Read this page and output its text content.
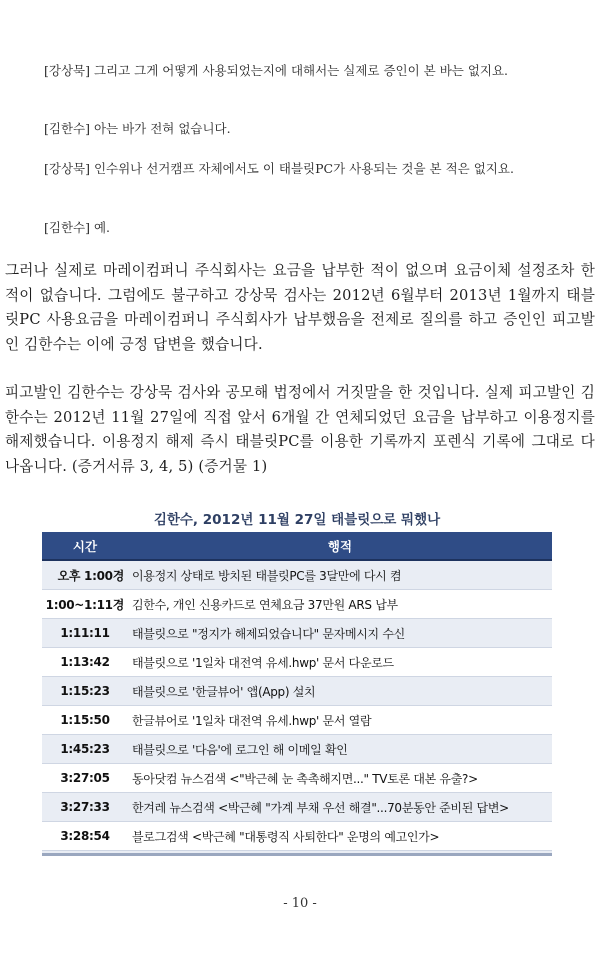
[강상묵] 그리고 그게 어떻게 사용되었는지에 대해서는 실제로 증인이 본 바는 없지요.
[김한수] 아는 바가 전혀 없습니다.
[강상묵] 인수위나 선거캠프 자체에서도 이 태블릿PC가 사용되는 것을 본 적은 없지요.
[김한수] 예.
그러나 실제로 마레이컴퍼니 주식회사는 요금을 납부한 적이 없으며 요금이체 설정조차 한 적이 없습니다. 그럼에도 불구하고 강상묵 검사는 2012년 6월부터 2013년 1월까지 태블릿PC 사용요금을 마레이컴퍼니 주식회사가 납부했음을 전제로 질의를 하고 증인인 피고발인 김한수는 이에 긍정 답변을 했습니다.
피고발인 김한수는 강상묵 검사와 공모해 법정에서 거짓말을 한 것입니다. 실제 피고발인 김한수는 2012년 11월 27일에 직접 앞서 6개월 간 연체되었던 요금을 납부하고 이용정지를 해제했습니다. 이용정지 해제 즉시 태블릿PC를 이용한 기록까지 포렌식 기록에 그대로 다 나옵니다. (증거서류 3, 4, 5) (증거물 1)
김한수, 2012년 11월 27일 태블릿으로 뭐했나
시간	행적
오후 1:00경	이용정지 상태로 방치된 태블릿PC를 3달만에 다시 켬
1:00~1:11경	김한수, 개인 신용카드로 연체요금 37만원 ARS 납부
1:11:11	태블릿으로 "정지가 해제되었습니다" 문자메시지 수신
1:13:42	태블릿으로 '1일차 대전역 유세.hwp' 문서 다운로드
1:15:23	태블릿으로 '한글뷰어' 앱(App) 설치
1:15:50	한글뷰어로 '1일차 대전역 유세.hwp' 문서 열람
1:45:23	태블릿으로 '다음'에 로그인 해 이메일 확인
3:27:05	동아닷컴 뉴스검색 <"박근혜 눈 촉촉해지면..." TV토론 대본 유출?>
3:27:33	한겨레 뉴스검색 <박근혜 "가계 부채 우선 해결"...70분동안 준비된 답변>
3:28:54	블로그검색 <박근혜 "대통령직 사퇴한다" 운명의 예고인가>

- 10 -
